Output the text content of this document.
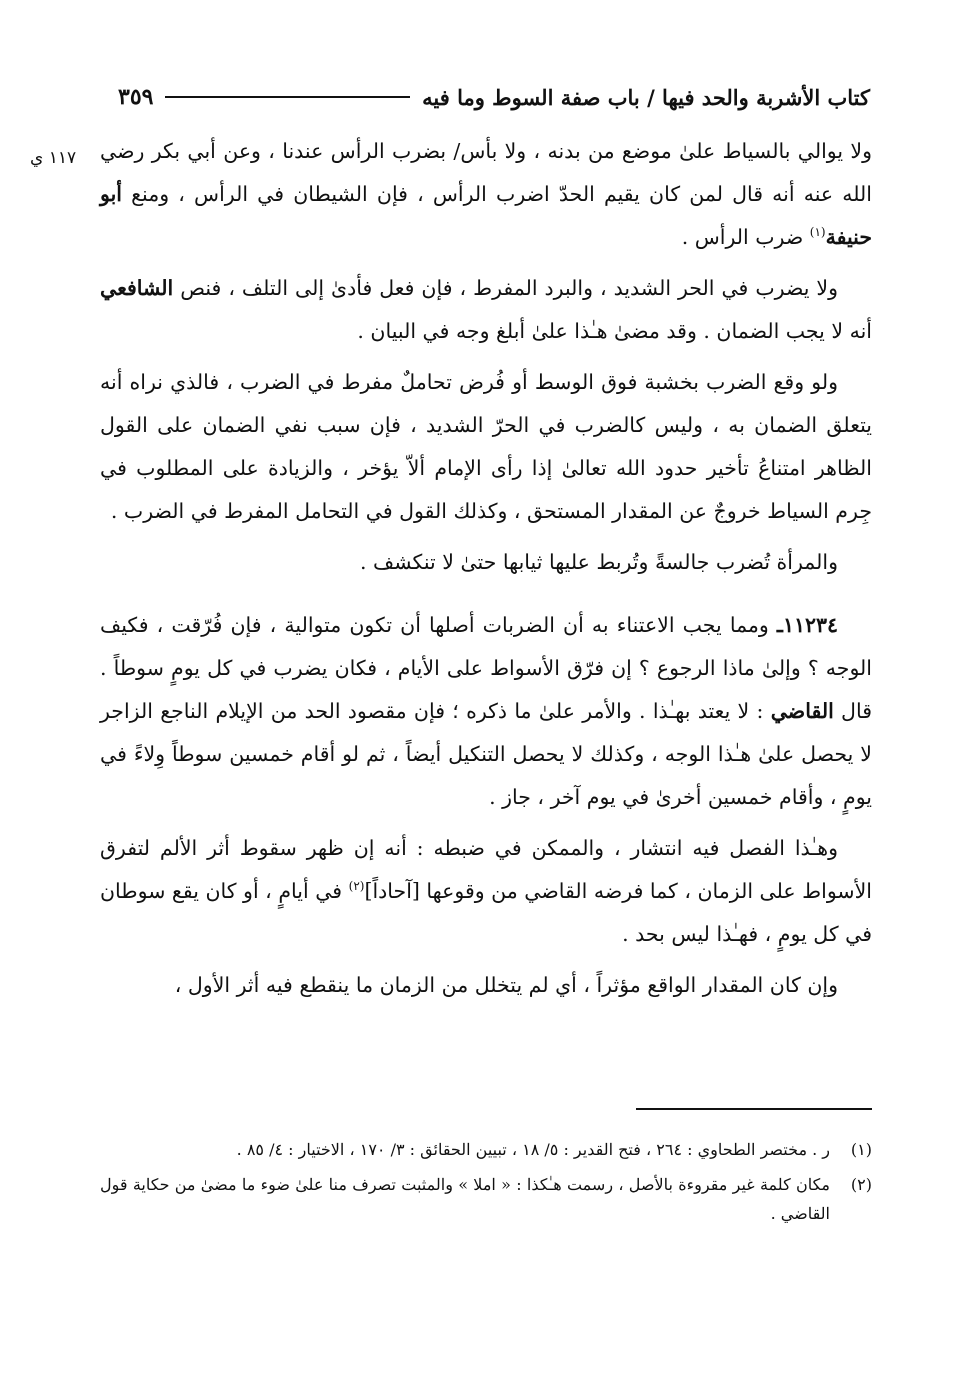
كتاب الأشربة والحد فيها / باب صفة السوط وما فيه
٣٥٩
١١٧ ي	ولا يوالي بالسياط علىٰ موضع من بدنه ، ولا بأس/ بضرب الرأس عندنا ، وعن أبي بكر رضي الله عنه أنه قال لمن كان يقيم الحدّ اضرب الرأس ، فإن الشيطان في الرأس ، ومنع أبو حنيفة$^{(١)}$ ضرب الرأس .

ولا يضرب في الحر الشديد ، والبرد المفرط ، فإن فعل فأدىٰ إلى التلف ، فنص الشافعي أنه لا يجب الضمان . وقد مضىٰ هـٰذا علىٰ أبلغ وجه في البيان .

ولو وقع الضرب بخشبة فوق الوسط أو فُرض تحاملٌ مفرط في الضرب ، فالذي نراه أنه يتعلق الضمان به ، وليس كالضرب في الحرّ الشديد ، فإن سبب نفي الضمان على القول الظاهر امتناعُ تأخير حدود الله تعالىٰ إذا رأى الإمام ألاّ يؤخر ، والزيادة على المطلوب في جِرم السياط خروجٌ عن المقدار المستحق ، وكذلك القول في التحامل المفرط في الضرب .

والمرأة تُضرب جالسةً وتُربط عليها ثيابها حتىٰ لا تنكشف .

١١٢٣٤ـ ومما يجب الاعتناء به أن الضربات أصلها أن تكون متوالية ، فإن فُرّقت ، فكيف الوجه ؟ وإلىٰ ماذا الرجوع ؟ إن فرّق الأسواط على الأيام ، فكان يضرب في كل يومٍ سوطاً . قال القاضي : لا يعتد بهـٰذا . والأمر علىٰ ما ذكره ؛ فإن مقصود الحد من الإيلام الناجع الزاجر لا يحصل علىٰ هـٰذا الوجه ، وكذلك لا يحصل التنكيل أيضاً ، ثم لو أقام خمسين سوطاً وِلاءً في يومٍ ، وأقام خمسين أخرىٰ في يوم آخر ، جاز .

وهـٰذا الفصل فيه انتشار ، والممكن في ضبطه : أنه إن ظهر سقوط أثر الألم لتفرق الأسواط على الزمان ، كما فرضه القاضي من وقوعها [آحاداً]$^{(٢)}$ في أيامٍ ، أو كان يقع سوطان في كل يومٍ ، فهـٰذا ليس بحد .

وإن كان المقدار الواقع مؤثراً ، أي لم يتخلل من الزمان ما ينقطع فيه أثر الأول ،

(١)
ر . مختصر الطحاوي : ٢٦٤ ، فتح القدير : ٥/ ١٨ ، تبيين الحقائق : ٣/ ١٧٠ ، الاختيار : ٤/ ٨٥ .
(٢)
مكان كلمة غير مقروءة بالأصل ، رسمت هـٰكذا : « املا » والمثبت تصرف منا علىٰ ضوء ما مضىٰ من حكاية قول القاضي .
